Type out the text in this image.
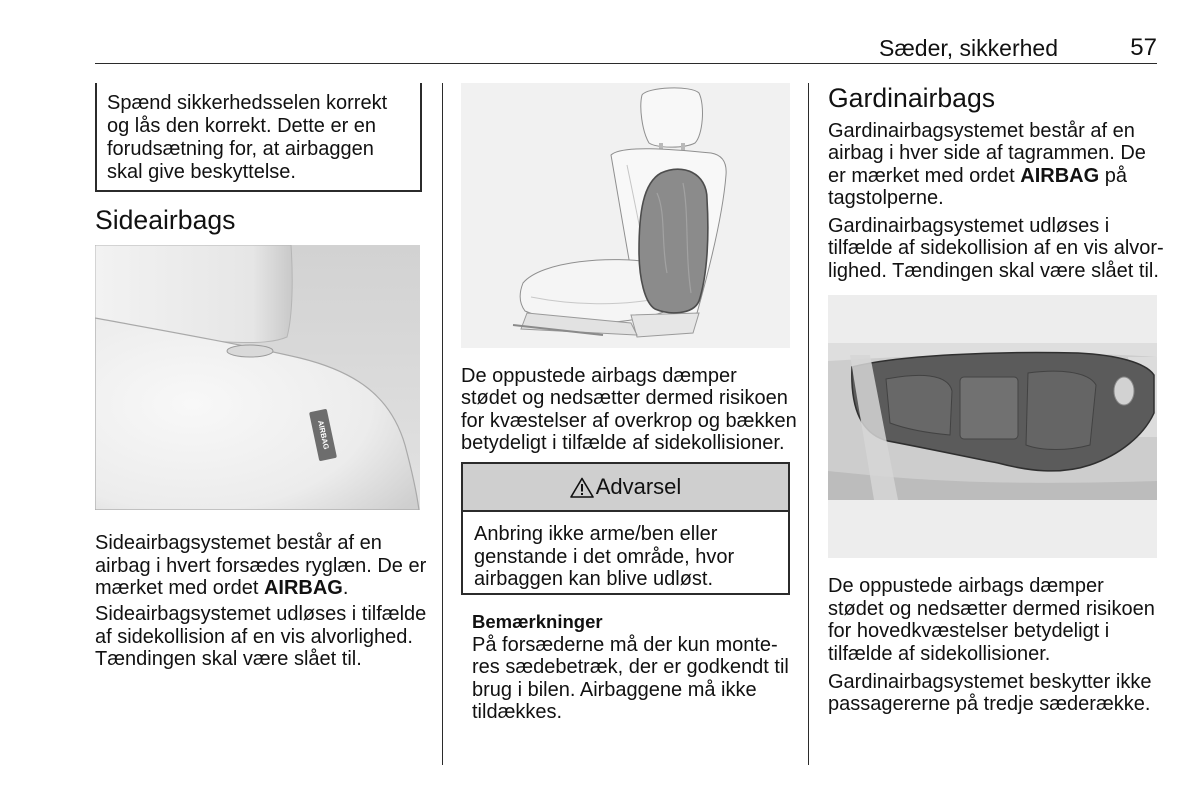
Sæder, sikkerhed	57
Spænd sikkerhedsselen korrekt
og lås den korrekt. Dette er en
forudsætning for, at airbaggen
skal give beskyttelse.
Sideairbags
AIRBAG
Sideairbagsystemet består af en
airbag i hvert forsædes ryglæn. De er
mærket med ordet AIRBAG.
Sideairbagsystemet udløses i tilfælde
af sidekollision af en vis alvorlighed.
Tændingen skal være slået til.
De oppustede airbags dæmper
stødet og nedsætter dermed risikoen
for kvæstelser af overkrop og bækken
betydeligt i tilfælde af sidekollisioner.
Advarsel
Anbring ikke arme/ben eller
genstande i det område, hvor
airbaggen kan blive udløst.
Bemærkninger
På forsæderne må der kun monte-
res sædebetræk, der er godkendt til
brug i bilen. Airbaggene må ikke
tildækkes.
Gardinairbags
Gardinairbagsystemet består af en
airbag i hver side af tagrammen. De
er mærket med ordet AIRBAG på
tagstolperne.
Gardinairbagsystemet udløses i
tilfælde af sidekollision af en vis alvor-
lighed. Tændingen skal være slået til.
De oppustede airbags dæmper
stødet og nedsætter dermed risikoen
for hovedkvæstelser betydeligt i
tilfælde af sidekollisioner.
Gardinairbagsystemet beskytter ikke
passagererne på tredje sæderække.
